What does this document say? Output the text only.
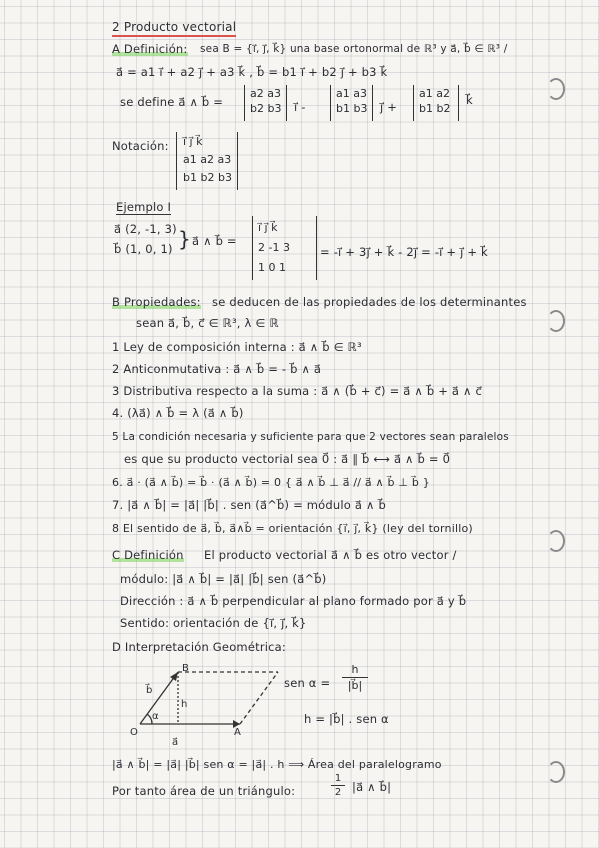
2 Producto vectorial
A Definición: sea B = {i⃗, j⃗, k⃗} una base ortonormal de ℝ³ y a⃗, b⃗ ∈ ℝ³ /
a⃗ = a1 i⃗ + a2 j⃗ + a3 k⃗ , b⃗ = b1 i⃗ + b2 j⃗ + b3 k⃗
se define a⃗ ∧ b⃗ =
a2 a3
b2 b3 i⃗ -
a1 a3
b1 b3 j⃗ +
a1 a2
b1 b2
k⃗
Notación: i⃗ j⃗ k⃗
a1 a2 a3
b1 b2 b3
Ejemplo I
a⃗ (2, -1, 3)
b⃗ (1, 0, 1) } a⃗ ∧ b⃗ =
i⃗ j⃗ k⃗
2 -1 3
1 0 1
= -i⃗ + 3j⃗ + k⃗ - 2j⃗ = -i⃗ + j⃗ + k⃗
B Propiedades: se deducen de las propiedades de los determinantes
sean a⃗, b⃗, c⃗ ∈ ℝ³, λ ∈ ℝ
1 Ley de composición interna : a⃗ ∧ b⃗ ∈ ℝ³
2 Anticonmutativa : a⃗ ∧ b⃗ = - b⃗ ∧ a⃗
3 Distributiva respecto a la suma : a⃗ ∧ (b⃗ + c⃗) = a⃗ ∧ b⃗ + a⃗ ∧ c⃗
4. (λa⃗) ∧ b⃗ = λ (a⃗ ∧ b⃗)
5 La condición necesaria y suficiente para que 2 vectores sean paralelos
es que su producto vectorial sea 0⃗ : a⃗ ∥ b⃗ ⟷ a⃗ ∧ b⃗ = 0⃗
6. a⃗ · (a⃗ ∧ b⃗) = b⃗ · (a⃗ ∧ b⃗) = 0 { a⃗ ∧ b⃗ ⊥ a⃗ // a⃗ ∧ b⃗ ⊥ b⃗ }
7. |a⃗ ∧ b⃗| = |a⃗| |b⃗| . sen (a⃗^b⃗) = módulo a⃗ ∧ b⃗
8 El sentido de a⃗, b⃗, a⃗∧b⃗ = orientación {i⃗, j⃗, k⃗} (ley del tornillo)
C Definición El producto vectorial a⃗ ∧ b⃗ es otro vector /
módulo: |a⃗ ∧ b⃗| = |a⃗| |b⃗| sen (a⃗^b⃗)
Dirección : a⃗ ∧ b⃗ perpendicular al plano formado por a⃗ y b⃗
Sentido: orientación de {i⃗, j⃗, k⃗}
D Interpretación Geométrica:
B
O	A
h
α
a⃗
b⃗
sen $\alpha = \frac{h}{|b⃗|}$
h = |b⃗| . sen α
|a⃗ ∧ b⃗| = |a⃗| |b⃗| sen α = |a⃗| . h ⟹ Área del paralelogramo
Por tanto área de un triángulo:	$\frac{1}{2}$ |a⃗ ∧ b⃗|
